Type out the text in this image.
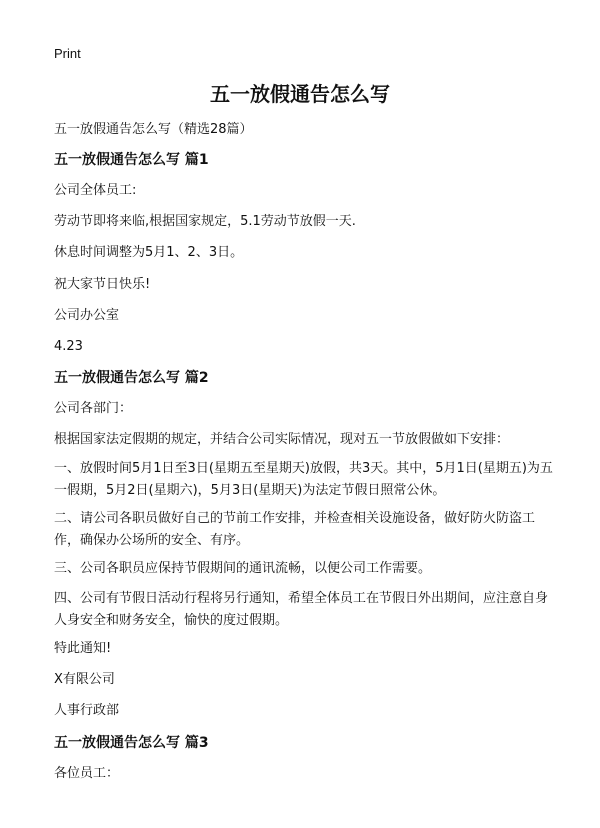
Print
五一放假通告怎么写
五一放假通告怎么写（精选28篇）
五一放假通告怎么写 篇1
公司全体员工:
劳动节即将来临,根据国家规定，5.1劳动节放假一天.
休息时间调整为5月1、2、3日。
祝大家节日快乐!
公司办公室
4.23
五一放假通告怎么写 篇2
公司各部门：
根据国家法定假期的规定，并结合公司实际情况，现对五一节放假做如下安排：
一、放假时间5月1日至3日(星期五至星期天)放假，共3天。其中，5月1日(星期五)为五一假期，5月2日(星期六)，5月3日(星期天)为法定节假日照常公休。
二、请公司各职员做好自己的节前工作安排，并检查相关设施设备，做好防火防盗工作，确保办公场所的安全、有序。
三、公司各职员应保持节假期间的通讯流畅，以便公司工作需要。
四、公司有节假日活动行程将另行通知，希望全体员工在节假日外出期间，应注意自身人身安全和财务安全，愉快的度过假期。
特此通知!
X有限公司
人事行政部
五一放假通告怎么写 篇3
各位员工：
